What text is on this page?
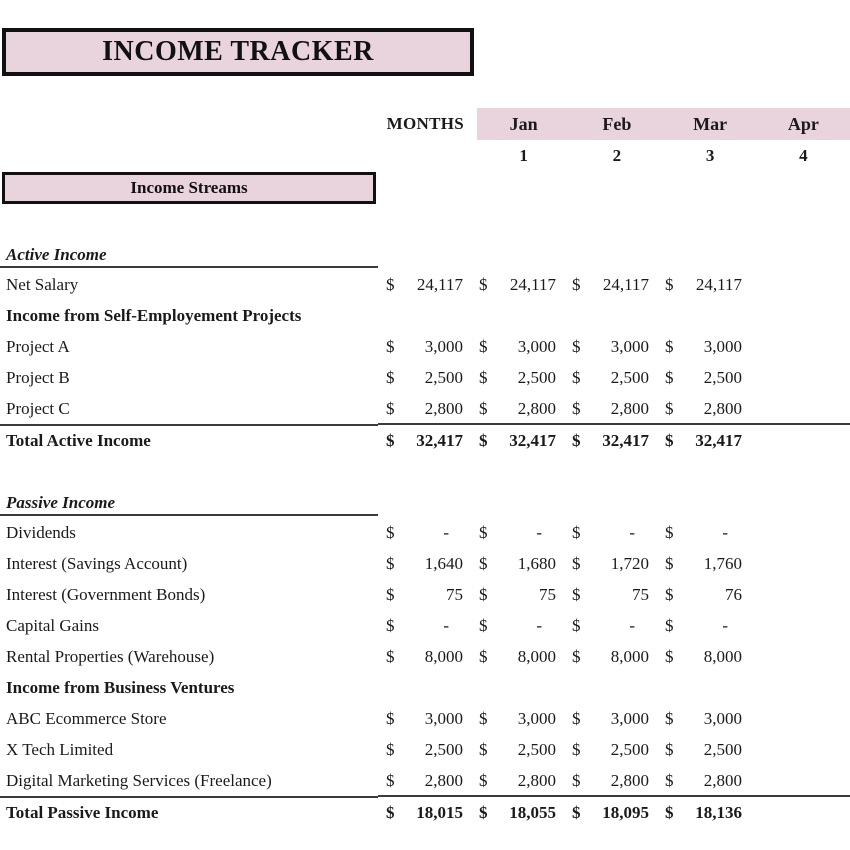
INCOME TRACKER
MONTHS	Jan	Feb	Mar	Apr
1	2	3	4
Income Streams
Active Income
Net Salary	$ 24,117 $ 24,117 $ 24,117 $ 24,117
Income from Self-Employement Projects
Project A	$ 3,000 $ 3,000 $ 3,000 $ 3,000
Project B	$ 2,500 $ 2,500 $ 2,500 $ 2,500
Project C	$ 2,800 $ 2,800 $ 2,800 $ 2,800
Total Active Income	$ 32,417 $ 32,417 $ 32,417 $ 32,417
Passive Income
Dividends	$	-	$	-	$	-	$	-
Interest (Savings Account)	$ 1,640 $ 1,680 $ 1,720 $ 1,760
Interest (Government Bonds)	$	75 $	75 $	75 $	76
Capital Gains	$	-	$	-	$	-	$	-
Rental Properties (Warehouse)	$ 8,000 $ 8,000 $ 8,000 $ 8,000
Income from Business Ventures
ABC Ecommerce Store	$ 3,000 $ 3,000 $ 3,000 $ 3,000
X Tech Limited	$ 2,500 $ 2,500 $ 2,500 $ 2,500
Digital Marketing Services (Freelance)	$ 2,800 $ 2,800 $ 2,800 $ 2,800
Total Passive Income	$ 18,015 $ 18,055 $ 18,095 $ 18,136
